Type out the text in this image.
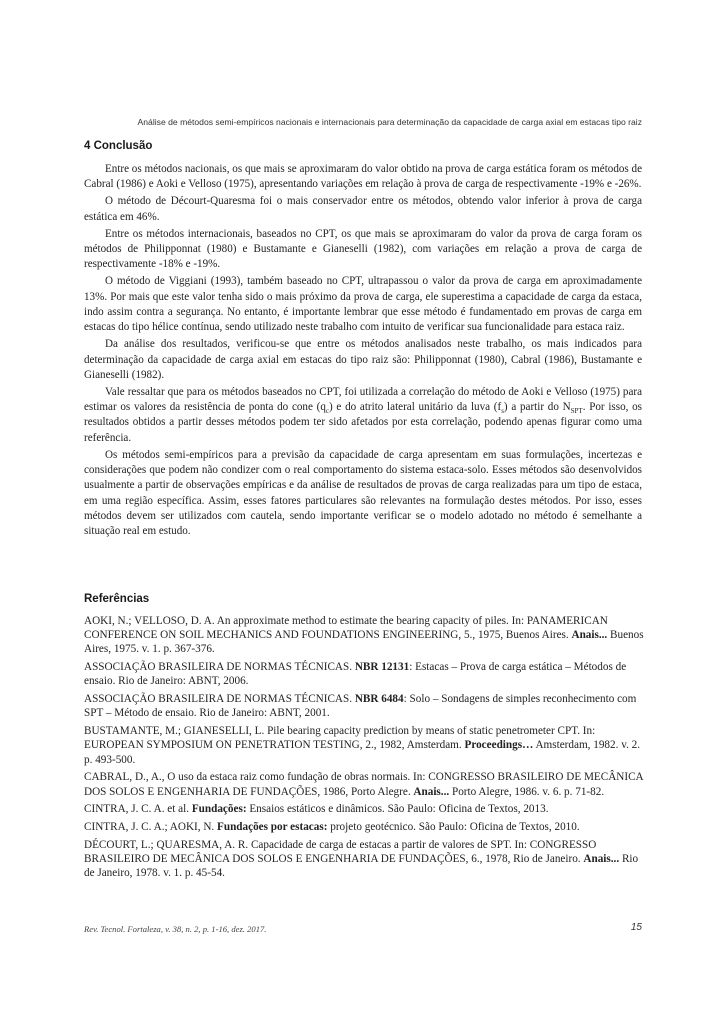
Análise de métodos semi-empíricos nacionais e internacionais para determinação da capacidade de carga axial em estacas tipo raiz
4 Conclusão

Entre os métodos nacionais, os que mais se aproximaram do valor obtido na prova de carga estática foram os métodos de Cabral (1986) e Aoki e Velloso (1975), apresentando variações em relação à prova de carga de respectivamente -19% e -26%.

O método de Décourt-Quaresma foi o mais conservador entre os métodos, obtendo valor inferior à prova de carga estática em 46%.

Entre os métodos internacionais, baseados no CPT, os que mais se aproximaram do valor da prova de carga foram os métodos de Philipponnat (1980) e Bustamante e Gianeselli (1982), com variações em relação a prova de carga de respectivamente -18% e -19%.

O método de Viggiani (1993), também baseado no CPT, ultrapassou o valor da prova de carga em aproximadamente 13%. Por mais que este valor tenha sido o mais próximo da prova de carga, ele superestima a capacidade de carga da estaca, indo assim contra a segurança. No entanto, é importante lembrar que esse método é fundamentado em provas de carga em estacas do tipo hélice contínua, sendo utilizado neste trabalho com intuito de verificar sua funcionalidade para estaca raiz.

Da análise dos resultados, verificou-se que entre os métodos analisados neste trabalho, os mais indicados para determinação da capacidade de carga axial em estacas do tipo raiz são: Philipponnat (1980), Cabral (1986), Bustamante e Gianeselli (1982).

Vale ressaltar que para os métodos baseados no CPT, foi utilizada a correlação do método de Aoki e Velloso (1975) para estimar os valores da resistência de ponta do cone $(q_c)$ e do atrito lateral unitário da luva $(f_s)$ a partir do $N_{SPT}$. Por isso, os resultados obtidos a partir desses métodos podem ter sido afetados por esta correlação, podendo apenas figurar como uma referência.

Os métodos semi-empíricos para a previsão da capacidade de carga apresentam em suas formulações, incertezas e considerações que podem não condizer com o real comportamento do sistema estaca-solo. Esses métodos são desenvolvidos usualmente a partir de observações empíricas e da análise de resultados de provas de carga realizadas para um tipo de estaca, em uma região específica. Assim, esses fatores particulares são relevantes na formulação destes métodos. Por isso, esses métodos devem ser utilizados com cautela, sendo importante verificar se o modelo adotado no método é semelhante a situação real em estudo.

Referências
AOKI, N.; VELLOSO, D. A. An approximate method to estimate the bearing capacity of piles. In: PANAMERICAN CONFERENCE ON SOIL MECHANICS AND FOUNDATIONS ENGINEERING, 5., 1975, Buenos Aires. Anais... Buenos Aires, 1975. v. 1. p. 367-376.
ASSOCIAÇÃO BRASILEIRA DE NORMAS TÉCNICAS. NBR 12131: Estacas – Prova de carga estática – Métodos de ensaio. Rio de Janeiro: ABNT, 2006.
ASSOCIAÇÃO BRASILEIRA DE NORMAS TÉCNICAS. NBR 6484: Solo – Sondagens de simples reconhecimento com SPT – Método de ensaio. Rio de Janeiro: ABNT, 2001.
BUSTAMANTE, M.; GIANESELLI, L. Pile bearing capacity prediction by means of static penetrometer CPT. In: EUROPEAN SYMPOSIUM ON PENETRATION TESTING, 2., 1982, Amsterdam. Proceedings… Amsterdam, 1982. v. 2. p. 493-500.
CABRAL, D., A., O uso da estaca raiz como fundação de obras normais. In: CONGRESSO BRASILEIRO DE MECÂNICA DOS SOLOS E ENGENHARIA DE FUNDAÇÕES, 1986, Porto Alegre. Anais... Porto Alegre, 1986. v. 6. p. 71-82.
CINTRA, J. C. A. et al. Fundações: Ensaios estáticos e dinâmicos. São Paulo: Oficina de Textos, 2013.
CINTRA, J. C. A.; AOKI, N. Fundações por estacas: projeto geotécnico. São Paulo: Oficina de Textos, 2010.
DÉCOURT, L.; QUARESMA, A. R. Capacidade de carga de estacas a partir de valores de SPT. In: CONGRESSO BRASILEIRO DE MECÂNICA DOS SOLOS E ENGENHARIA DE FUNDAÇÕES, 6., 1978, Rio de Janeiro. Anais... Rio de Janeiro, 1978. v. 1. p. 45-54.
Rev. Tecnol. Fortaleza, v. 38, n. 2, p. 1-16, dez. 2017.	15
